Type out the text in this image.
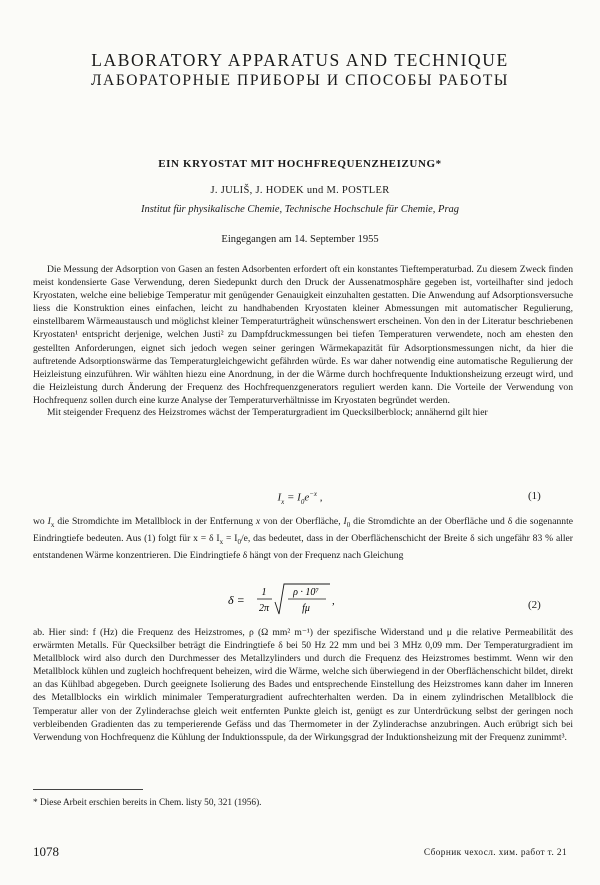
LABORATORY APPARATUS AND TECHNIQUE
ЛАБОРАТОРНЫЕ ПРИБОРЫ И СПОСОБЫ РАБОТЫ
EIN KRYOSTAT MIT HOCHFREQUENZHEIZUNG*
J. JULIŠ, J. HODEK und M. POSTLER
Institut für physikalische Chemie, Technische Hochschule für Chemie, Prag
Eingegangen am 14. September 1955
Die Messung der Adsorption von Gasen an festen Adsorbenten erfordert oft ein konstantes Tieftemperaturbad. Zu diesem Zweck finden meist kondensierte Gase Verwendung, deren Siedepunkt durch den Druck der Aussenatmosphäre gegeben ist, vorteilhafter sind jedoch Kryostaten, welche eine beliebige Temperatur mit genügender Genauigkeit einzuhalten gestatten. Die Anwendung auf Adsorptionsversuche liess die Konstruktion eines einfachen, leicht zu handhabenden Kryostaten kleiner Abmessungen mit automatischer Regulierung, einstellbarem Wärmeaustausch und möglichst kleiner Temperaturträgheit wünschenswert erscheinen. Von den in der Literatur beschriebenen Kryostaten¹ entspricht derjenige, welchen Justi² zu Dampfdruckmessungen bei tiefen Temperaturen verwendete, noch am ehesten den gestellten Anforderungen, eignet sich jedoch wegen seiner geringen Wärmekapazität für Adsorptionsmessungen nicht, da hier die auftretende Adsorptionswärme das Temperaturgleichgewicht gefährden würde. Es war daher notwendig eine automatische Regulierung der Heizleistung einzuführen. Wir wählten hiezu eine Anordnung, in der die Wärme durch hochfrequente Induktionsheizung erzeugt wird, und die Heizleistung durch Änderung der Frequenz des Hochfrequenzgenerators reguliert werden kann. Die Vorteile der Verwendung von Hochfrequenz sollen durch eine kurze Analyse der Temperaturverhältnisse im Kryostaten begründet werden.
Mit steigender Frequenz des Heizstromes wächst der Temperaturgradient im Quecksilberblock; annähernd gilt hier
$I_x = I_0e^{-x}$ ,	(1)
wo $I_x$ die Stromdichte im Metallblock in der Entfernung x von der Oberfläche, $I_0$ die Stromdichte an der Oberfläche und δ die sogenannte Eindringtiefe bedeuten. Aus (1) folgt für x = δ $I_x = I_0/e$, das bedeutet, dass in der Oberflächenschicht der Breite δ sich ungefähr 83 % aller entstandenen Wärme konzentrieren. Die Eindringtiefe δ hängt von der Frequenz nach Gleichung
δ =
1
2π
ρ · 10⁷
fμ
,	(2)
ab. Hier sind: f (Hz) die Frequenz des Heizstromes, ρ (Ω mm² m⁻¹) der spezifische Widerstand und μ die relative Permeabilität des erwärmten Metalls. Für Quecksilber beträgt die Eindringtiefe δ bei 50 Hz 22 mm und bei 3 MHz 0,09 mm. Der Temperaturgradient im Metallblock wird also durch den Durchmesser des Metallzylinders und durch die Frequenz des Heizstromes bestimmt. Wenn wir den Metallblock kühlen und zugleich hochfrequent beheizen, wird die Wärme, welche sich überwiegend in der Oberflächenschicht bildet, direkt an das Kühlbad abgegeben. Durch geeignete Isolierung des Bades und entsprechende Einstellung des Heizstromes kann daher im Inneren des Metallblocks ein wirklich minimaler Temperaturgradient aufrechterhalten werden. Da in einem zylindrischen Metallblock die Temperatur aller von der Zylinderachse gleich weit entfernten Punkte gleich ist, genügt es zur Unterdrückung selbst der geringen noch verbleibenden Gradienten das zu temperierende Gefäss und das Thermometer in der Zylinderachse anzubringen. Auch erübrigt sich bei Verwendung von Hochfrequenz die Kühlung der Induktionsspule, da der Wirkungsgrad der Induktionsheizung mit der Frequenz zunimmt³.
* Diese Arbeit erschien bereits in Chem. listy 50, 321 (1956).
1078	Сборник чехосл. хим. работ т. 21
